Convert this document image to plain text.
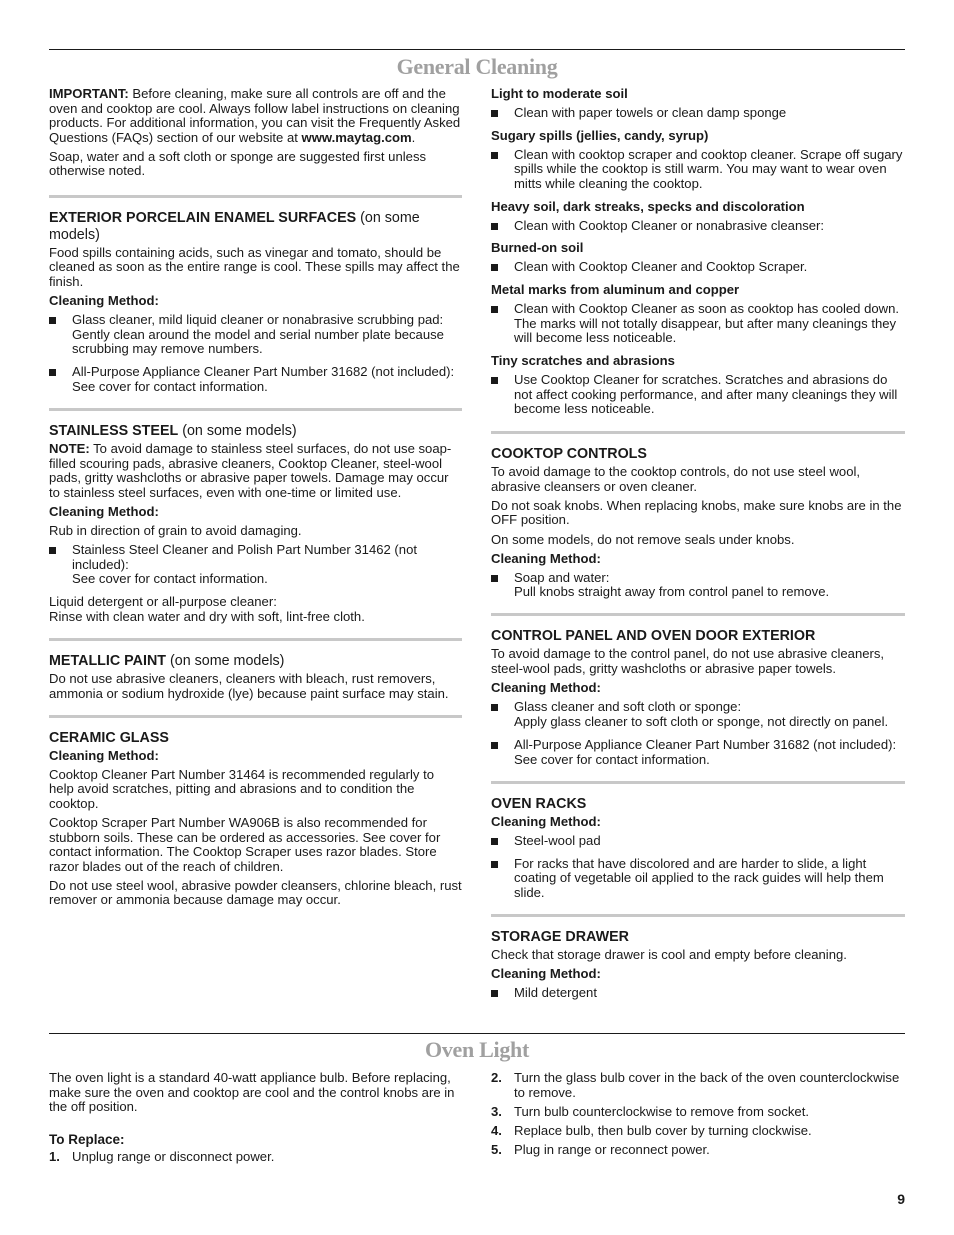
General Cleaning

IMPORTANT: Before cleaning, make sure all controls are off and the oven and cooktop are cool. Always follow label instructions on cleaning products. For additional information, you can visit the Frequently Asked Questions (FAQs) section of our website at www.maytag.com.

Soap, water and a soft cloth or sponge are suggested first unless otherwise noted.

EXTERIOR PORCELAIN ENAMEL SURFACES (on some models)

Food spills containing acids, such as vinegar and tomato, should be cleaned as soon as the entire range is cool. These spills may affect the finish.

Cleaning Method:
Glass cleaner, mild liquid cleaner or nonabrasive scrubbing pad:
Gently clean around the model and serial number plate because scrubbing may remove numbers.
All-Purpose Appliance Cleaner Part Number 31682 (not included):
See cover for contact information.
STAINLESS STEEL (on some models)

NOTE: To avoid damage to stainless steel surfaces, do not use soap-filled scouring pads, abrasive cleaners, Cooktop Cleaner, steel-wool pads, gritty washcloths or abrasive paper towels. Damage may occur to stainless steel surfaces, even with one-time or limited use.

Cleaning Method:

Rub in direction of grain to avoid damaging.

Stainless Steel Cleaner and Polish Part Number 31462 (not included):
See cover for contact information.

Liquid detergent or all-purpose cleaner:
Rinse with clean water and dry with soft, lint-free cloth.

METALLIC PAINT (on some models)

Do not use abrasive cleaners, cleaners with bleach, rust removers, ammonia or sodium hydroxide (lye) because paint surface may stain.

CERAMIC GLASS
Cleaning Method:

Cooktop Cleaner Part Number 31464 is recommended regularly to help avoid scratches, pitting and abrasions and to condition the cooktop.

Cooktop Scraper Part Number WA906B is also recommended for stubborn soils. These can be ordered as accessories. See cover for contact information. The Cooktop Scraper uses razor blades. Store razor blades out of the reach of children.

Do not use steel wool, abrasive powder cleansers, chlorine bleach, rust remover or ammonia because damage may occur.

Light to moderate soil
Clean with paper towels or clean damp sponge
Sugary spills (jellies, candy, syrup)
Clean with cooktop scraper and cooktop cleaner. Scrape off sugary spills while the cooktop is still warm. You may want to wear oven mitts while cleaning the cooktop.
Heavy soil, dark streaks, specks and discoloration
Clean with Cooktop Cleaner or nonabrasive cleanser:
Burned-on soil
Clean with Cooktop Cleaner and Cooktop Scraper.
Metal marks from aluminum and copper
Clean with Cooktop Cleaner as soon as cooktop has cooled down. The marks will not totally disappear, but after many cleanings they will become less noticeable.
Tiny scratches and abrasions
Use Cooktop Cleaner for scratches. Scratches and abrasions do not affect cooking performance, and after many cleanings they will become less noticeable.
COOKTOP CONTROLS

To avoid damage to the cooktop controls, do not use steel wool, abrasive cleansers or oven cleaner.

Do not soak knobs. When replacing knobs, make sure knobs are in the OFF position.

On some models, do not remove seals under knobs.

Cleaning Method:
Soap and water:
Pull knobs straight away from control panel to remove.
CONTROL PANEL AND OVEN DOOR EXTERIOR

To avoid damage to the control panel, do not use abrasive cleaners, steel-wool pads, gritty washcloths or abrasive paper towels.

Cleaning Method:
Glass cleaner and soft cloth or sponge:
Apply glass cleaner to soft cloth or sponge, not directly on panel.
All-Purpose Appliance Cleaner Part Number 31682 (not included):
See cover for contact information.
OVEN RACKS
Cleaning Method:
Steel-wool pad
For racks that have discolored and are harder to slide, a light coating of vegetable oil applied to the rack guides will help them slide.
STORAGE DRAWER

Check that storage drawer is cool and empty before cleaning.

Cleaning Method:
Mild detergent
Oven Light

The oven light is a standard 40-watt appliance bulb. Before replacing, make sure the oven and cooktop are cool and the control knobs are in the off position.

To Replace:
1. Unplug range or disconnect power.
2. Turn the glass bulb cover in the back of the oven counterclockwise to remove.
3. Turn bulb counterclockwise to remove from socket.
4. Replace bulb, then bulb cover by turning clockwise.
5. Plug in range or reconnect power.
9
